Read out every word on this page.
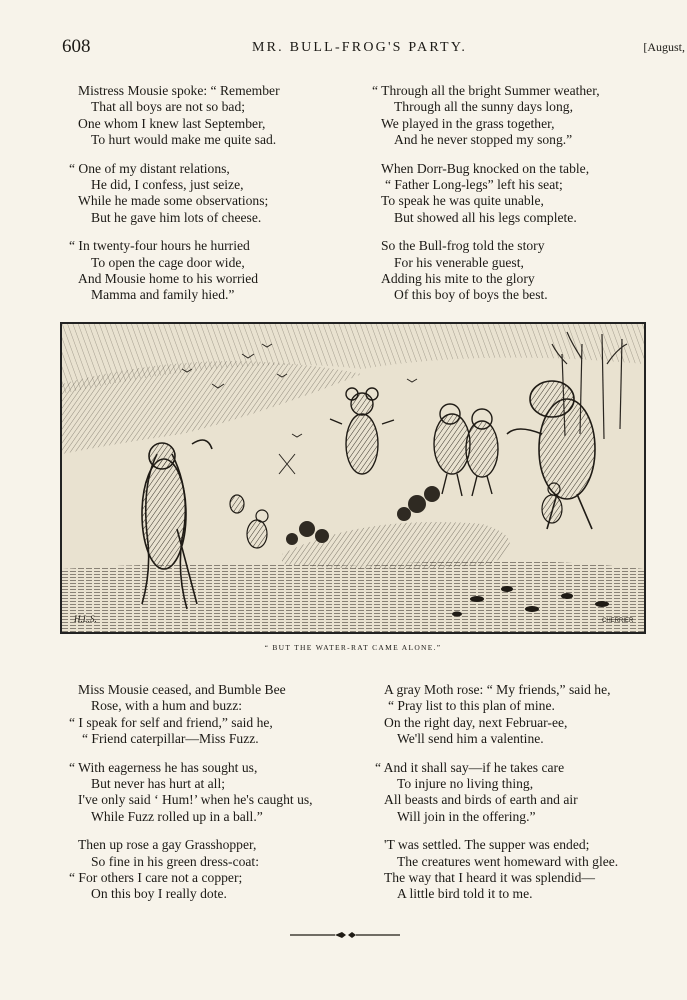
608	MR. BULL-FROG'S PARTY.	[August,
Mistress Mousie spoke: “ Remember
That all boys are not so bad;
One whom I knew last September,
To hurt would make me quite sad.
“ One of my distant relations,
He did, I confess, just seize,
While he made some observations;
But he gave him lots of cheese.
“ In twenty-four hours he hurried
To open the cage door wide,
And Mousie home to his worried
Mamma and family hied.”
“ Through all the bright Summer weather,
Through all the sunny days long,
We played in the grass together,
And he never stopped my song.”
When Dorr-Bug knocked on the table,
“ Father Long-legs” left his seat;
To speak he was quite unable,
But showed all his legs complete.
So the Bull-frog told the story
For his venerable guest,
Adding his mite to the glory
Of this boy of boys the best.
H.L.S.	CHERRIER
“ BUT THE WATER-RAT CAME ALONE.”
Miss Mousie ceased, and Bumble Bee
Rose, with a hum and buzz:
“ I speak for self and friend,” said he,
“ Friend caterpillar—Miss Fuzz.
“ With eagerness he has sought us,
But never has hurt at all;
I've only said ‘ Hum!’ when he's caught us,
While Fuzz rolled up in a ball.”
Then up rose a gay Grasshopper,
So fine in his green dress-coat:
“ For others I care not a copper;
On this boy I really dote.
A gray Moth rose: “ My friends,” said he,
“ Pray list to this plan of mine.
On the right day, next Februar-ee,
We'll send him a valentine.
“ And it shall say—if he takes care
To injure no living thing,
All beasts and birds of earth and air
Will join in the offering.”
'T was settled. The supper was ended;
The creatures went homeward with glee.
The way that I heard it was splendid—
A little bird told it to me.
